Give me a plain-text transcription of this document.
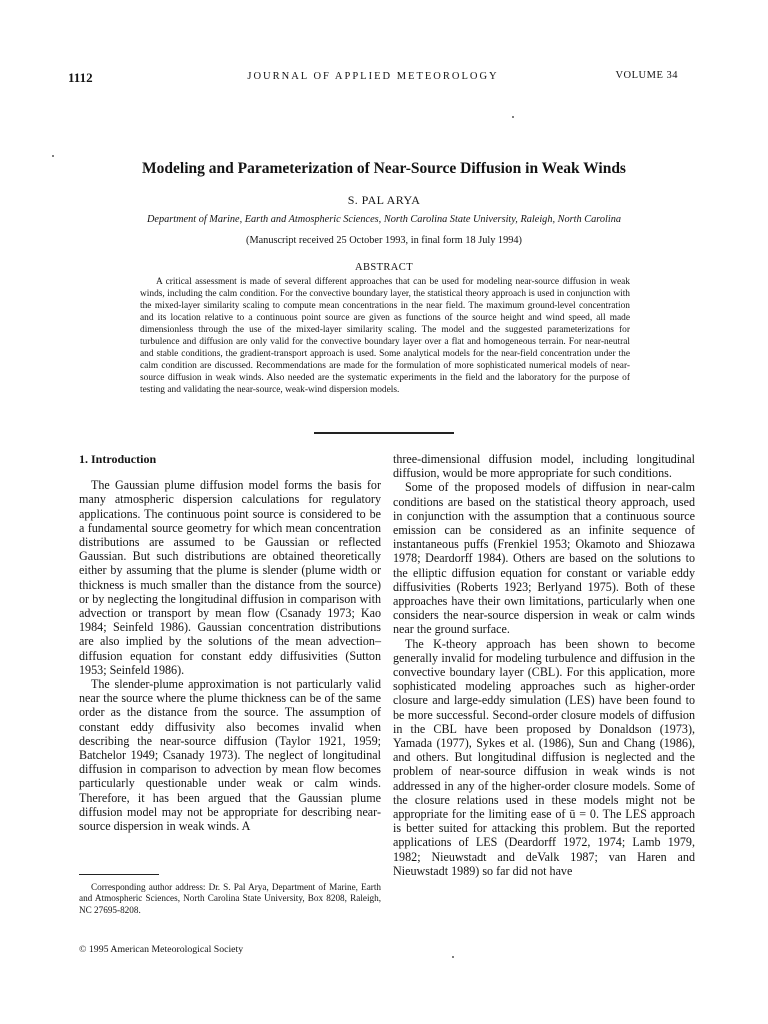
1112	JOURNAL OF APPLIED METEOROLOGY	VOLUME 34
Modeling and Parameterization of Near-Source Diffusion in Weak Winds
S. PAL ARYA
Department of Marine, Earth and Atmospheric Sciences, North Carolina State University, Raleigh, North Carolina
(Manuscript received 25 October 1993, in final form 18 July 1994)
ABSTRACT
A critical assessment is made of several different approaches that can be used for modeling near-source diffusion in weak winds, including the calm condition. For the convective boundary layer, the statistical theory approach is used in conjunction with the mixed-layer similarity scaling to compute mean concentrations in the near field. The maximum ground-level concentration and its location relative to a continuous point source are given as functions of the source height and wind speed, all made dimensionless through the use of the mixed-layer similarity scaling. The model and the suggested parameterizations for turbulence and diffusion are only valid for the convective boundary layer over a flat and homogeneous terrain. For near-neutral and stable conditions, the gradient-transport approach is used. Some analytical models for the near-field concentration under the calm condition are discussed. Recommendations are made for the formulation of more sophisticated numerical models of near-source diffusion in weak winds. Also needed are the systematic experiments in the field and the laboratory for the purpose of testing and validating the near-source, weak-wind dispersion models.
1. Introduction

The Gaussian plume diffusion model forms the basis for many atmospheric dispersion calculations for regulatory applications. The continuous point source is considered to be a fundamental source geometry for which mean concentration distributions are assumed to be Gaussian or reflected Gaussian. But such distributions are obtained theoretically either by assuming that the plume is slender (plume width or thickness is much smaller than the distance from the source) or by neglecting the longitudinal diffusion in comparison with advection or transport by mean flow (Csanady 1973; Kao 1984; Seinfeld 1986). Gaussian concentration distributions are also implied by the solutions of the mean advection–diffusion equation for constant eddy diffusivities (Sutton 1953; Seinfeld 1986).

The slender-plume approximation is not particularly valid near the source where the plume thickness can be of the same order as the distance from the source. The assumption of constant eddy diffusivity also becomes invalid when describing the near-source diffusion (Taylor 1921, 1959; Batchelor 1949; Csanady 1973). The neglect of longitudinal diffusion in comparison to advection by mean flow becomes particularly questionable under weak or calm winds. Therefore, it has been argued that the Gaussian plume diffusion model may not be appropriate for describing near-source dispersion in weak winds. A

three-dimensional diffusion model, including longitudinal diffusion, would be more appropriate for such conditions.

Some of the proposed models of diffusion in near-calm conditions are based on the statistical theory approach, used in conjunction with the assumption that a continuous source emission can be considered as an infinite sequence of instantaneous puffs (Frenkiel 1953; Okamoto and Shiozawa 1978; Deardorff 1984). Others are based on the solutions to the elliptic diffusion equation for constant or variable eddy diffusivities (Roberts 1923; Berlyand 1975). Both of these approaches have their own limitations, particularly when one considers the near-source dispersion in weak or calm winds near the ground surface.

The K-theory approach has been shown to become generally invalid for modeling turbulence and diffusion in the convective boundary layer (CBL). For this application, more sophisticated modeling approaches such as higher-order closure and large-eddy simulation (LES) have been found to be more successful. Second-order closure models of diffusion in the CBL have been proposed by Donaldson (1973), Yamada (1977), Sykes et al. (1986), Sun and Chang (1986), and others. But longitudinal diffusion is neglected and the problem of near-source diffusion in weak winds is not addressed in any of the higher-order closure models. Some of the closure relations used in these models might not be appropriate for the limiting ease of ū = 0. The LES approach is better suited for attacking this problem. But the reported applications of LES (Deardorff 1972, 1974; Lamb 1979, 1982; Nieuwstadt and deValk 1987; van Haren and Nieuwstadt 1989) so far did not have

Corresponding author address: Dr. S. Pal Arya, Department of Marine, Earth and Atmospheric Sciences, North Carolina State University, Box 8208, Raleigh, NC 27695-8208.
© 1995 American Meteorological Society
